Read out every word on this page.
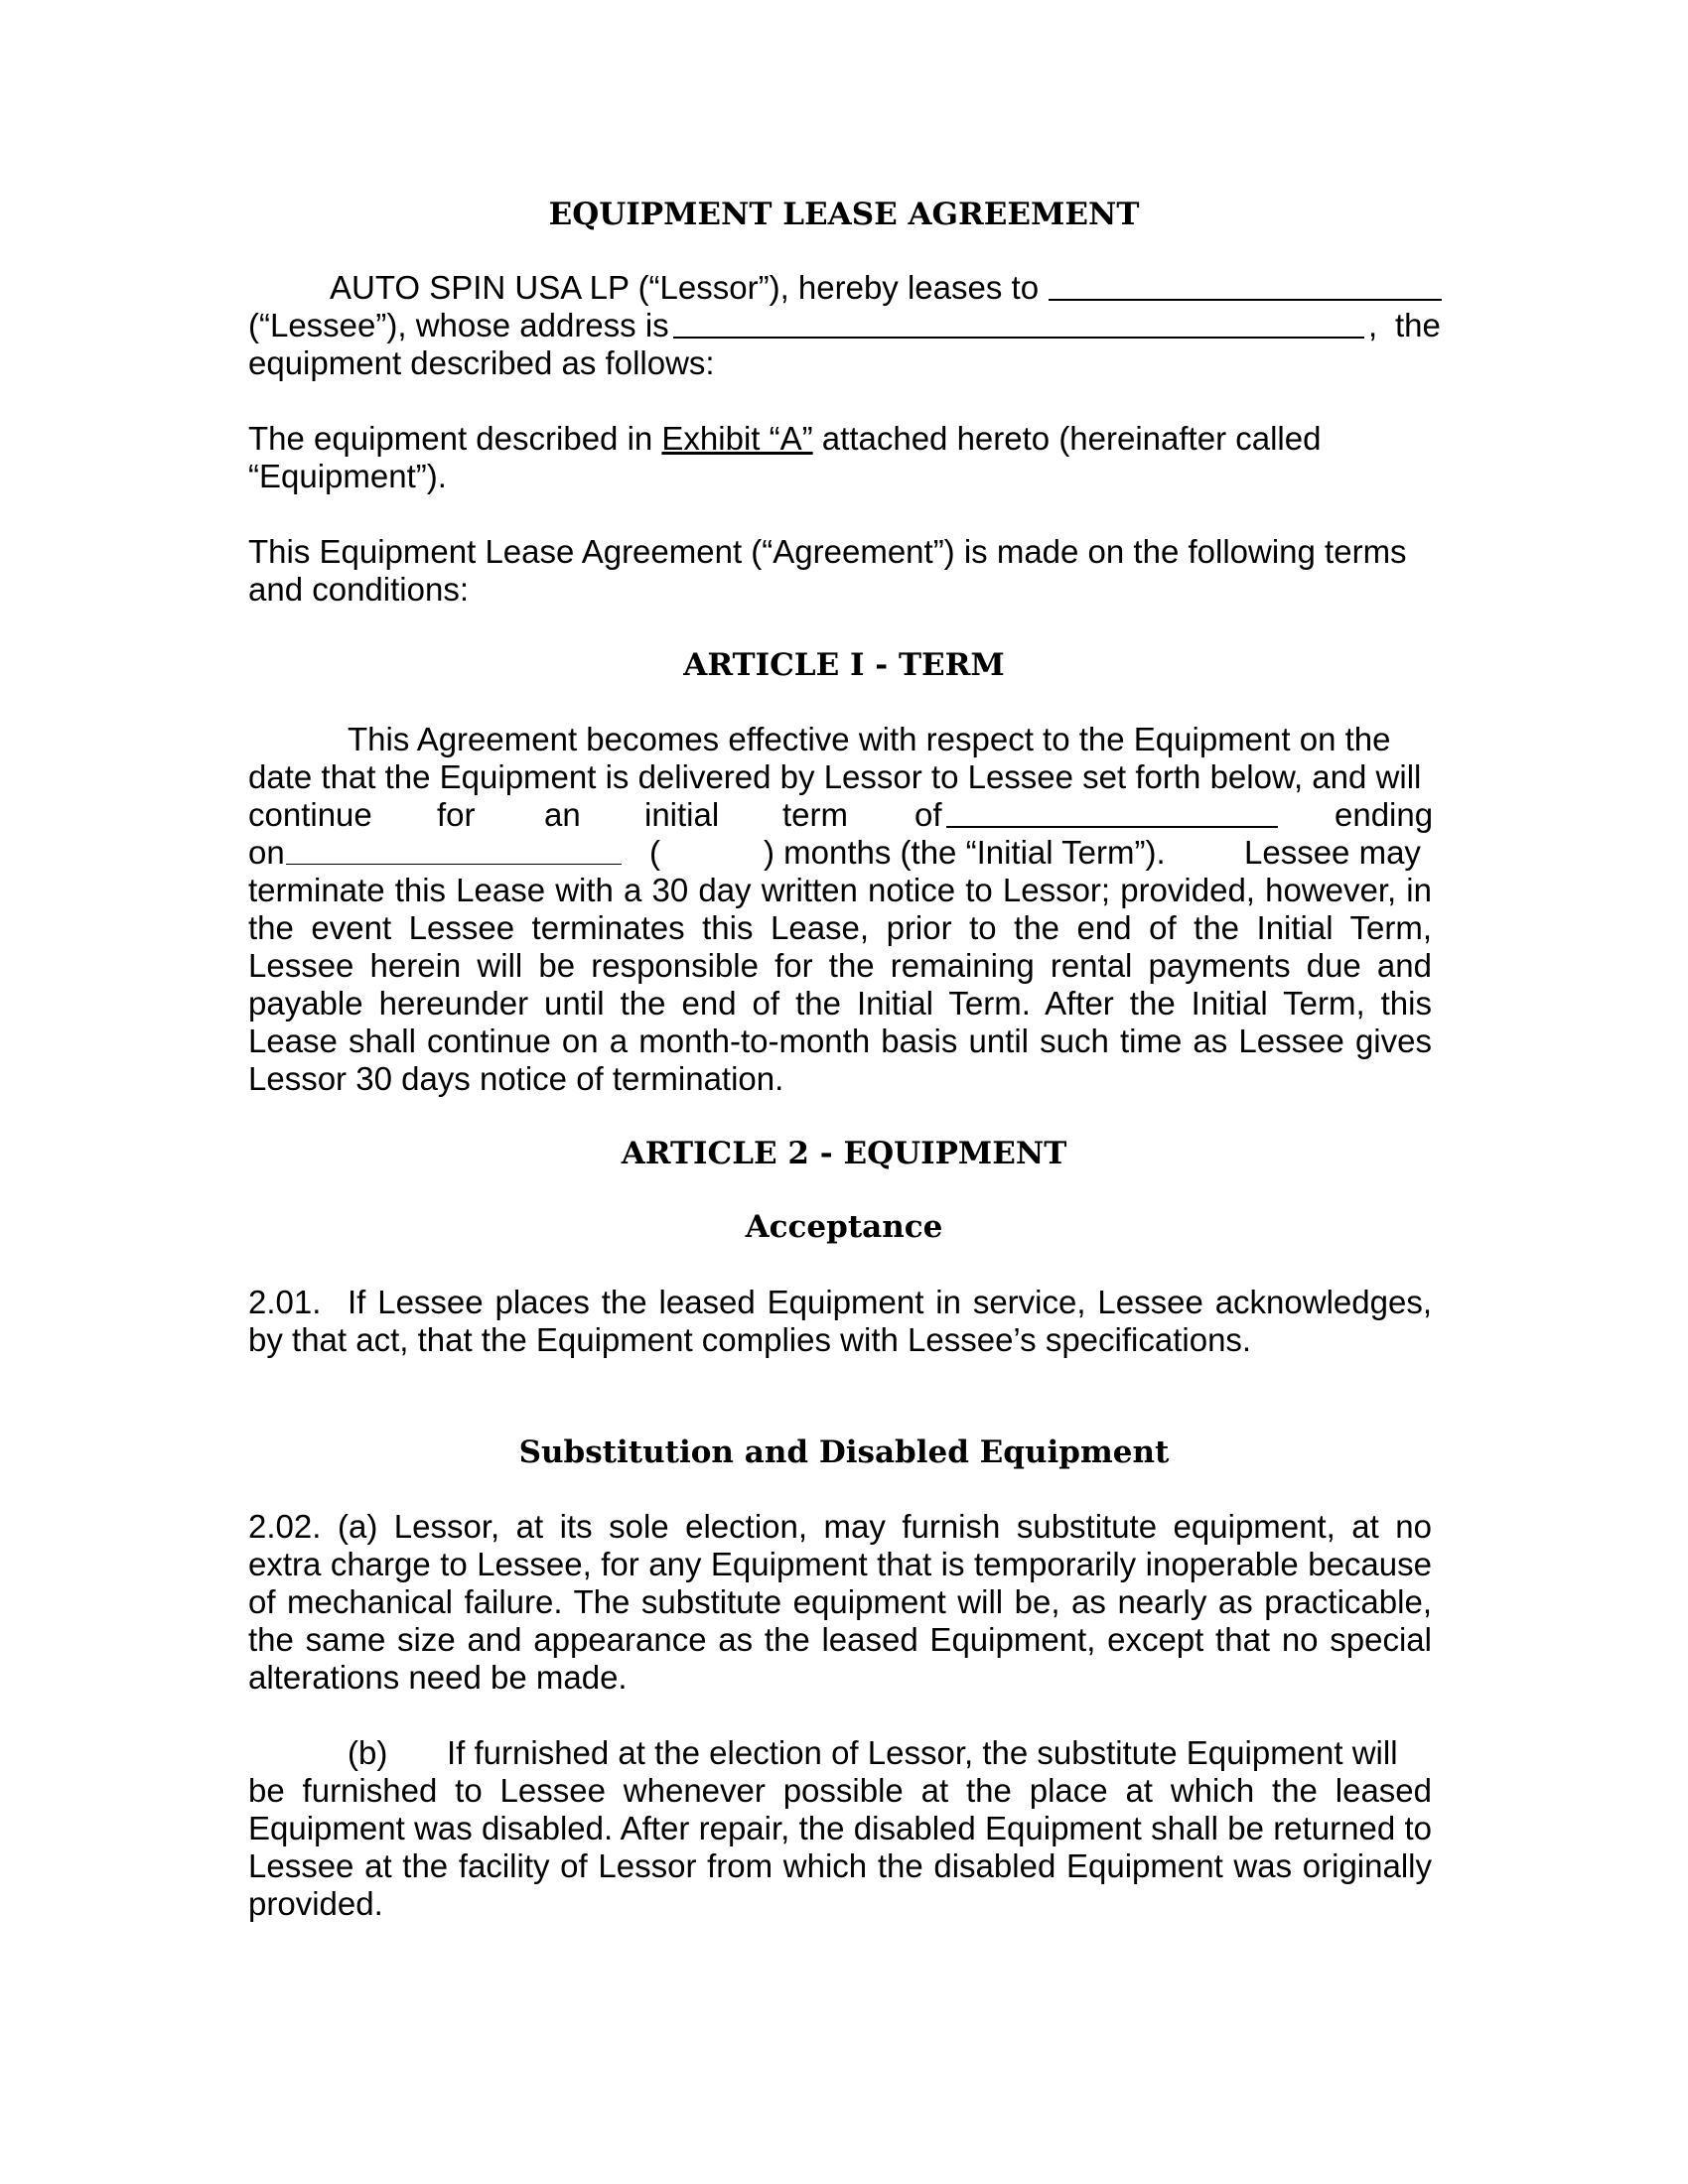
EQUIPMENT LEASE AGREEMENT
AUTO SPIN USA LP (“Lessor”), hereby leases to
(“Lessee”), whose address is	, the
equipment described as follows:

The equipment described in Exhibit “A” attached hereto (hereinafter called
“Equipment”).

This Equipment Lease Agreement (“Agreement”) is made on the following terms and conditions:

ARTICLE I - TERM
This Agreement becomes effective with respect to the Equipment on the
date that the Equipment is delivered by Lessor to Lessee set forth below, and will
continue for an initial term of	ending
on	(	) months (the “Initial Term”). Lessee may

terminate this Lease with a 30 day written notice to Lessor; provided, however, in the event Lessee terminates this Lease, prior to the end of the Initial Term, Lessee herein will be responsible for the remaining rental payments due and payable hereunder until the end of the Initial Term. After the Initial Term, this Lease shall continue on a month-to-month basis until such time as Lessee gives Lessor 30 days notice of termination.

ARTICLE 2 - EQUIPMENT
Acceptance
2.01. If Lessee places the leased Equipment in service, Lessee acknowledges, by that act, that the Equipment complies with Lessee’s specifications.

Substitution and Disabled Equipment
2.02. (a) Lessor, at its sole election, may furnish substitute equipment, at no extra charge to Lessee, for any Equipment that is temporarily inoperable because of mechanical failure. The substitute equipment will be, as nearly as practicable, the same size and appearance as the leased Equipment, except that no special alterations need be made.

(b) If furnished at the election of Lessor, the substitute Equipment will

be furnished to Lessee whenever possible at the place at which the leased Equipment was disabled. After repair, the disabled Equipment shall be returned to Lessee at the facility of Lessor from which the disabled Equipment was originally provided.
